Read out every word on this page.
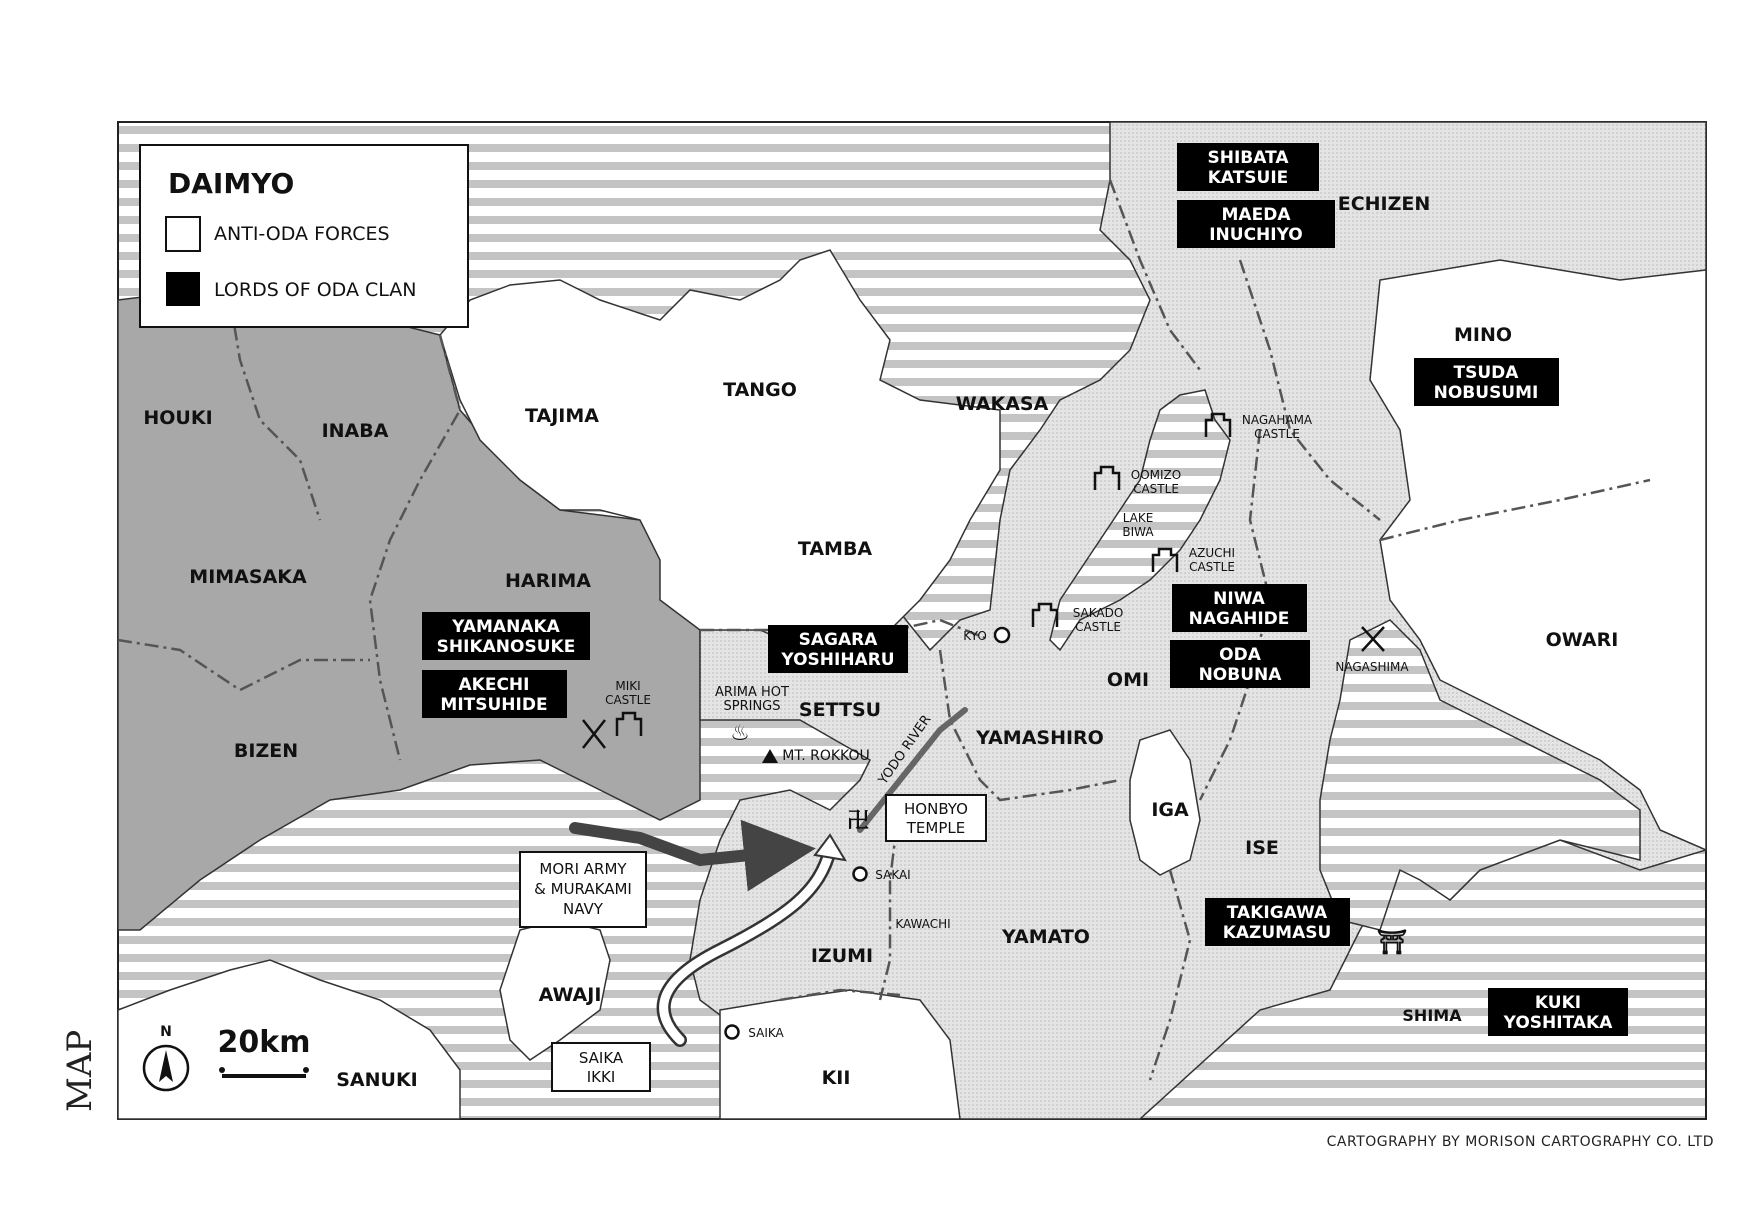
MAP
DAIMYO
ANTI-ODA FORCES
LORDS OF ODA CLAN
HOUKI
INABA
TAJIMA
TANGO
WAKASA
ECHIZEN
MINO
MIMASAKA	HARIMA
TAMBA
BIZEN
SETTSU
YAMASHIRO
OMI
OWARI
IGA
ISE
YAMATO
IZUMI
AWAJI
KII
SANUKI
SHIMA
KAWACHI
SHIBATA
KATSUIE
MAEDA
INUCHIYO
TSUDA
NOBUSUMI
YAMANAKA
SHIKANOSUKE
AKECHI
MITSUHIDE
SAGARA
YOSHIHARU
NIWA
NAGAHIDE
ODA
NOBUNA
TAKIGAWA
KAZUMASU
KUKI
YOSHITAKA
HONBYO
TEMPLE
MORI ARMY
& MURAKAMI
NAVY
SAIKA
IKKI
NAGAHAMA
CASTLE
OOMIZO
CASTLE
LAKE
BIWA
AZUCHI
CASTLE
SAKADO
CASTLE
KYO
NAGASHIMA
MIKI
CASTLE	ARIMA HOT
SPRINGS
♨
MT. ROKKOU YODO RIVER
卍
SAKAI
SAIKA
⛩
N 20km
CARTOGRAPHY BY MORISON CARTOGRAPHY CO. LTD
